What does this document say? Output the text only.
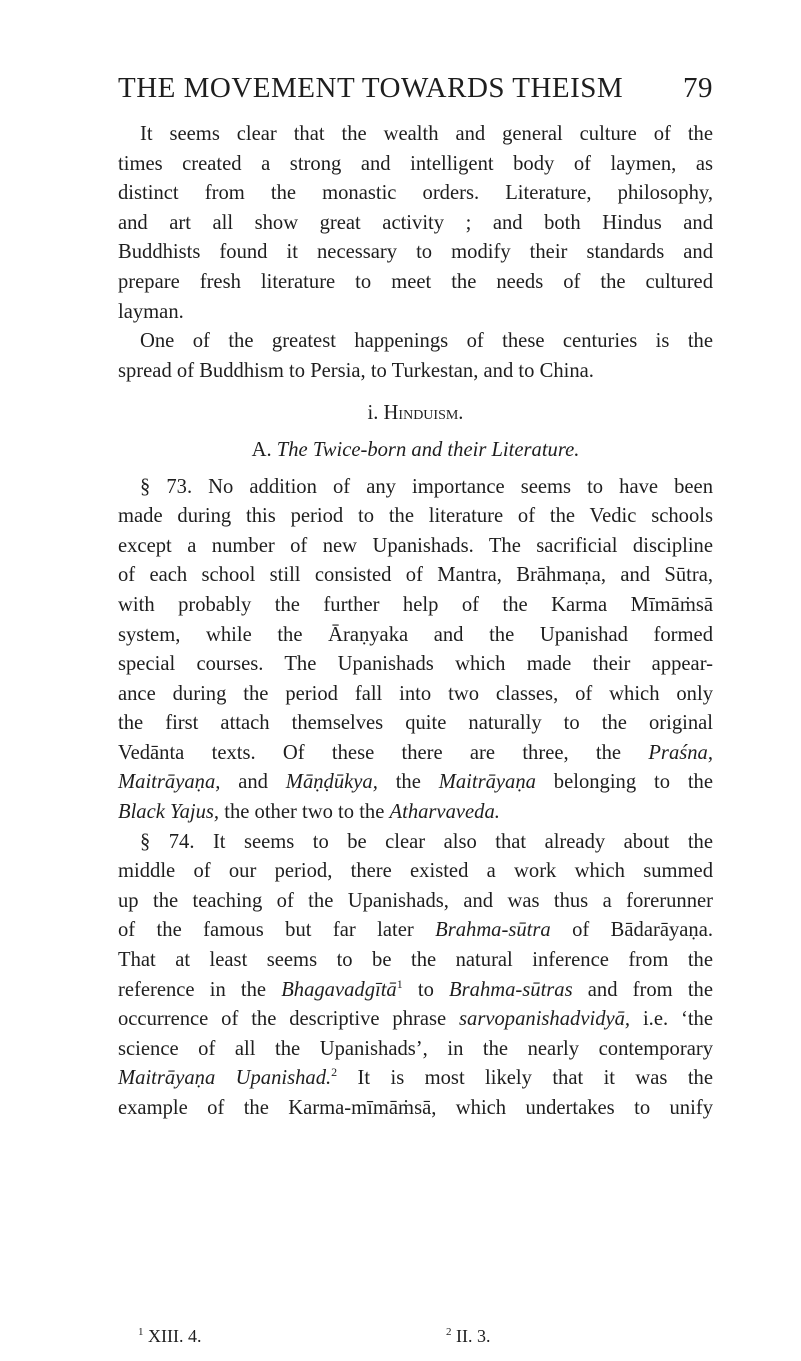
THE MOVEMENT TOWARDS THEISM 79
It seems clear that the wealth and general culture of the
times created a strong and intelligent body of laymen, as
distinct from the monastic orders. Literature, philosophy,
and art all show great activity ; and both Hindus and
Buddhists found it necessary to modify their standards and
prepare fresh literature to meet the needs of the cultured
layman.
One of the greatest happenings of these centuries is the
spread of Buddhism to Persia, to Turkestan, and to China.
i. Hinduism.
A. The Twice-born and their Literature.
§ 73. No addition of any importance seems to have been
made during this period to the literature of the Vedic schools
except a number of new Upanishads. The sacrificial discipline
of each school still consisted of Mantra, Brāhmaṇa, and Sūtra,
with probably the further help of the Karma Mīmāṁsā
system, while the Āraṇyaka and the Upanishad formed
special courses. The Upanishads which made their appear-
ance during the period fall into two classes, of which only
the first attach themselves quite naturally to the original
Vedānta texts. Of these there are three, the Praśna,
Maitrāyaṇa, and Māṇḍūkya, the Maitrāyaṇa belonging to the
Black Yajus, the other two to the Atharvaveda.
§ 74. It seems to be clear also that already about the
middle of our period, there existed a work which summed
up the teaching of the Upanishads, and was thus a forerunner
of the famous but far later Brahma-sūtra of Bādarāyaṇa.
That at least seems to be the natural inference from the
reference in the Bhagavadgītā$^1$ to Brahma-sūtras and from the
occurrence of the descriptive phrase sarvopanishadvidyā, i.e. ‘the
science of all the Upanishads’, in the nearly contemporary
Maitrāyaṇa Upanishad.$^2$ It is most likely that it was the
example of the Karma-mīmāṁsā, which undertakes to unify
$^1$ XIII. 4.	$^2$ II. 3.
